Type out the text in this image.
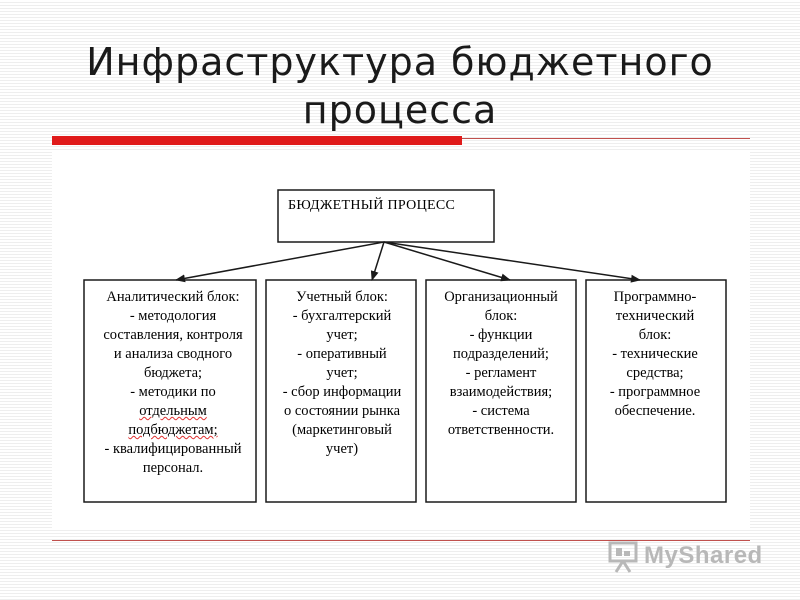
Инфраструктура бюджетного процесса
БЮДЖЕТНЫЙ ПРОЦЕСС
Аналитический блок:
- методология
составления, контроля
и анализа сводного
бюджета;
- методики по
отдельным
подбюджетам;
- квалифицированный
персонал.
Учетный блок:
- бухгалтерский
учет;
- оперативный
учет;
- сбор информации
о состоянии рынка
(маркетинговый
учет)
Организационный
блок:
- функции
подразделений;
- регламент
взаимодействия;
- система
ответственности.
Программно-
технический
блок:
- технические
средства;
- программное
обеспечение.
MyShared
